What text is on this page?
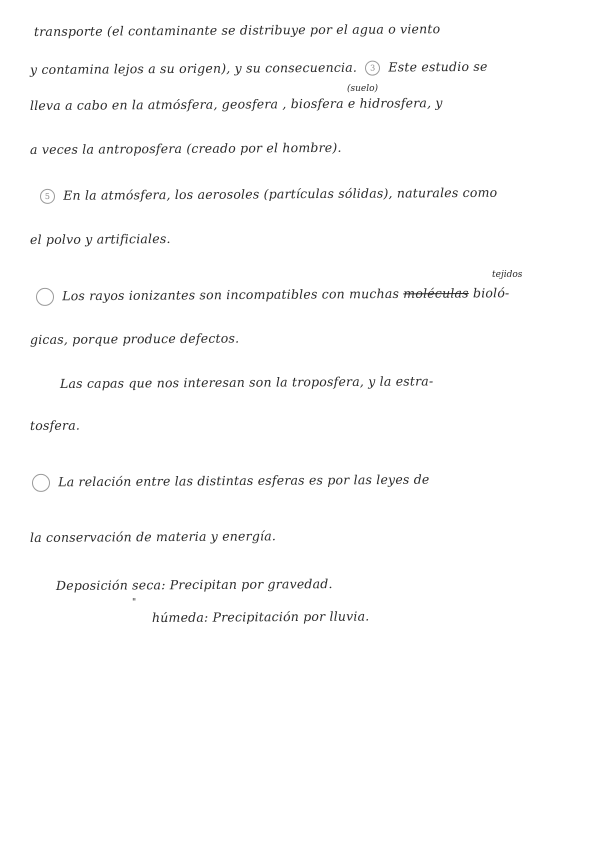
transporte (el contaminante se distribuye por el agua o viento
y contamina lejos a su origen), y su consecuencia. 3 Este estudio se
(suelo)
lleva a cabo en la atmósfera, geosfera , biosfera e hidrosfera, y
a veces la antroposfera (creado por el hombre).
5 En la atmósfera, los aerosoles (partículas sólidas), naturales como
el polvo y artificiales.
tejidos
Los rayos ionizantes son incompatibles con muchas moléculas bioló-
gicas, porque produce defectos.
Las capas que nos interesan son la troposfera, y la estra-
tosfera.
La relación entre las distintas esferas es por las leyes de
la conservación de materia y energía.
Deposición seca: Precipitan por gravedad.
"
húmeda: Precipitación por lluvia.
